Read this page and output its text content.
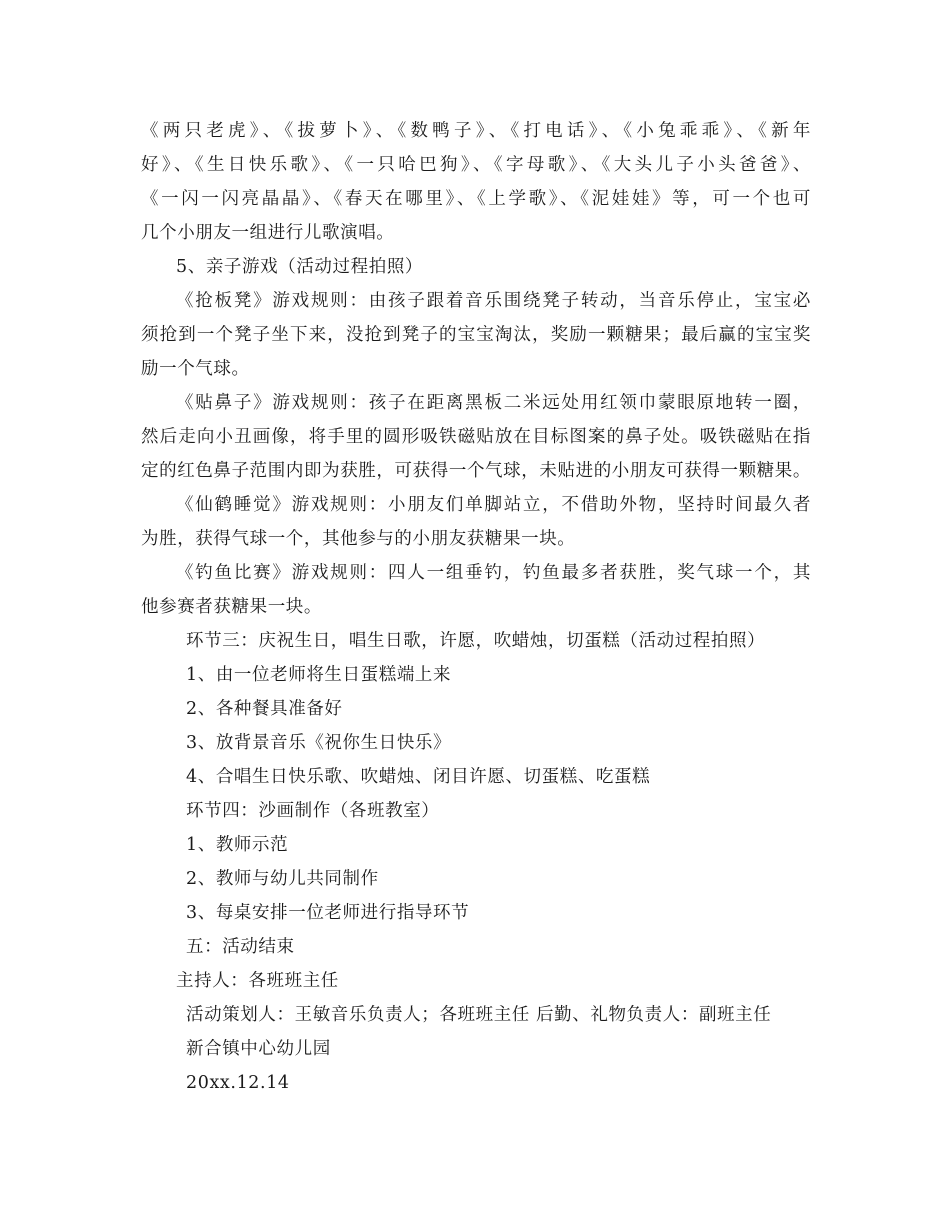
《两只老虎》、《拔萝卜》、《数鸭子》、《打电话》、《小兔乖乖》、《新年
好》、《生日快乐歌》、《一只哈巴狗》、《字母歌》、《大头儿子小头爸爸》、
《一闪一闪亮晶晶》、《春天在哪里》、《上学歌》、《泥娃娃》等，可一个也可
几个小朋友一组进行儿歌演唱。
5、亲子游戏（活动过程拍照）
《抢板凳》游戏规则：由孩子跟着音乐围绕凳子转动，当音乐停止，宝宝必
须抢到一个凳子坐下来，没抢到凳子的宝宝淘汰，奖励一颗糖果；最后赢的宝宝奖
励一个气球。
《贴鼻子》游戏规则：孩子在距离黑板二米远处用红领巾蒙眼原地转一圈，
然后走向小丑画像，将手里的圆形吸铁磁贴放在目标图案的鼻子处。吸铁磁贴在指
定的红色鼻子范围内即为获胜，可获得一个气球，未贴进的小朋友可获得一颗糖果。
《仙鹤睡觉》游戏规则：小朋友们单脚站立，不借助外物，坚持时间最久者
为胜，获得气球一个，其他参与的小朋友获糖果一块。
《钓鱼比赛》游戏规则：四人一组垂钓，钓鱼最多者获胜，奖气球一个，其
他参赛者获糖果一块。
环节三：庆祝生日，唱生日歌，许愿，吹蜡烛，切蛋糕（活动过程拍照）
1、由一位老师将生日蛋糕端上来
2、各种餐具准备好
3、放背景音乐《祝你生日快乐》
4、合唱生日快乐歌、吹蜡烛、闭目许愿、切蛋糕、吃蛋糕
环节四：沙画制作（各班教室）
1、教师示范
2、教师与幼儿共同制作
3、每桌安排一位老师进行指导环节
五：活动结束
主持人：各班班主任
活动策划人：王敏音乐负责人；各班班主任 后勤、礼物负责人：副班主任
新合镇中心幼儿园
20xx.12.14
